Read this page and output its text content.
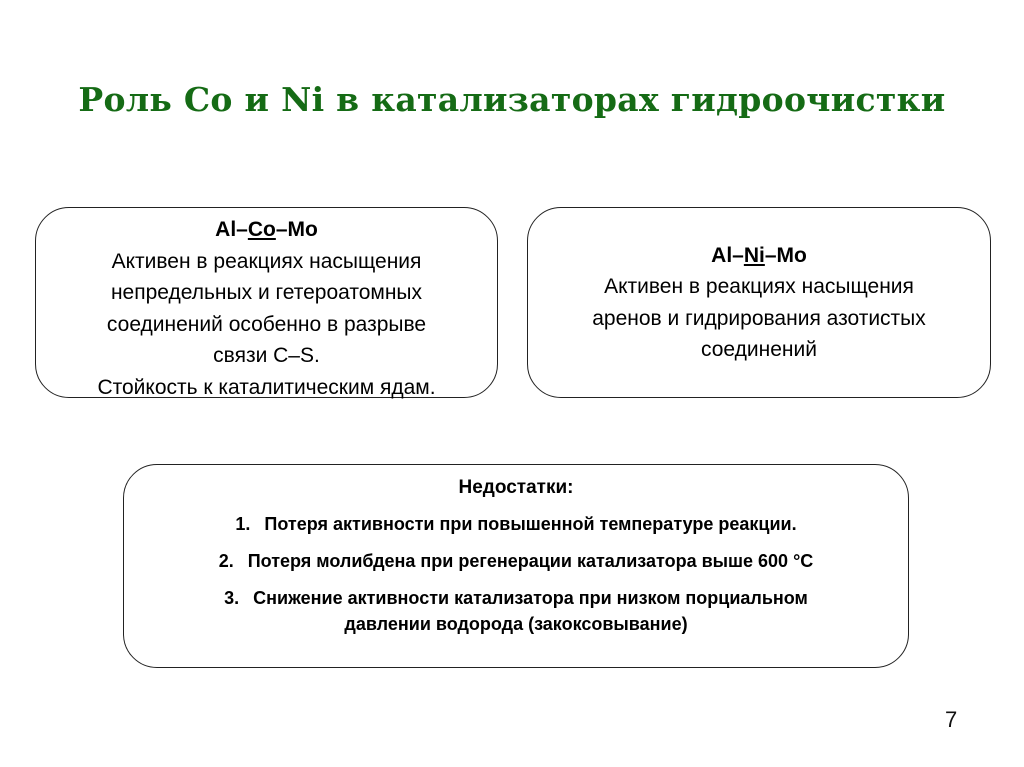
Роль Co и Ni в катализаторах гидроочистки
Al–Co–Mo
Активен в реакциях насыщения
непредельных и гетероатомных
соединений особенно в разрыве
связи C–S.
Стойкость к каталитическим ядам.
Al–Ni–Mo
Активен в реакциях насыщения
аренов и гидрирования азотистых
соединений
Недостатки:
1. Потеря активности при повышенной температуре реакции.
2. Потеря молибдена при регенерации катализатора выше 600 °С
3. Снижение активности катализатора при низком порциальном
давлении водорода (закоксовывание)
7
